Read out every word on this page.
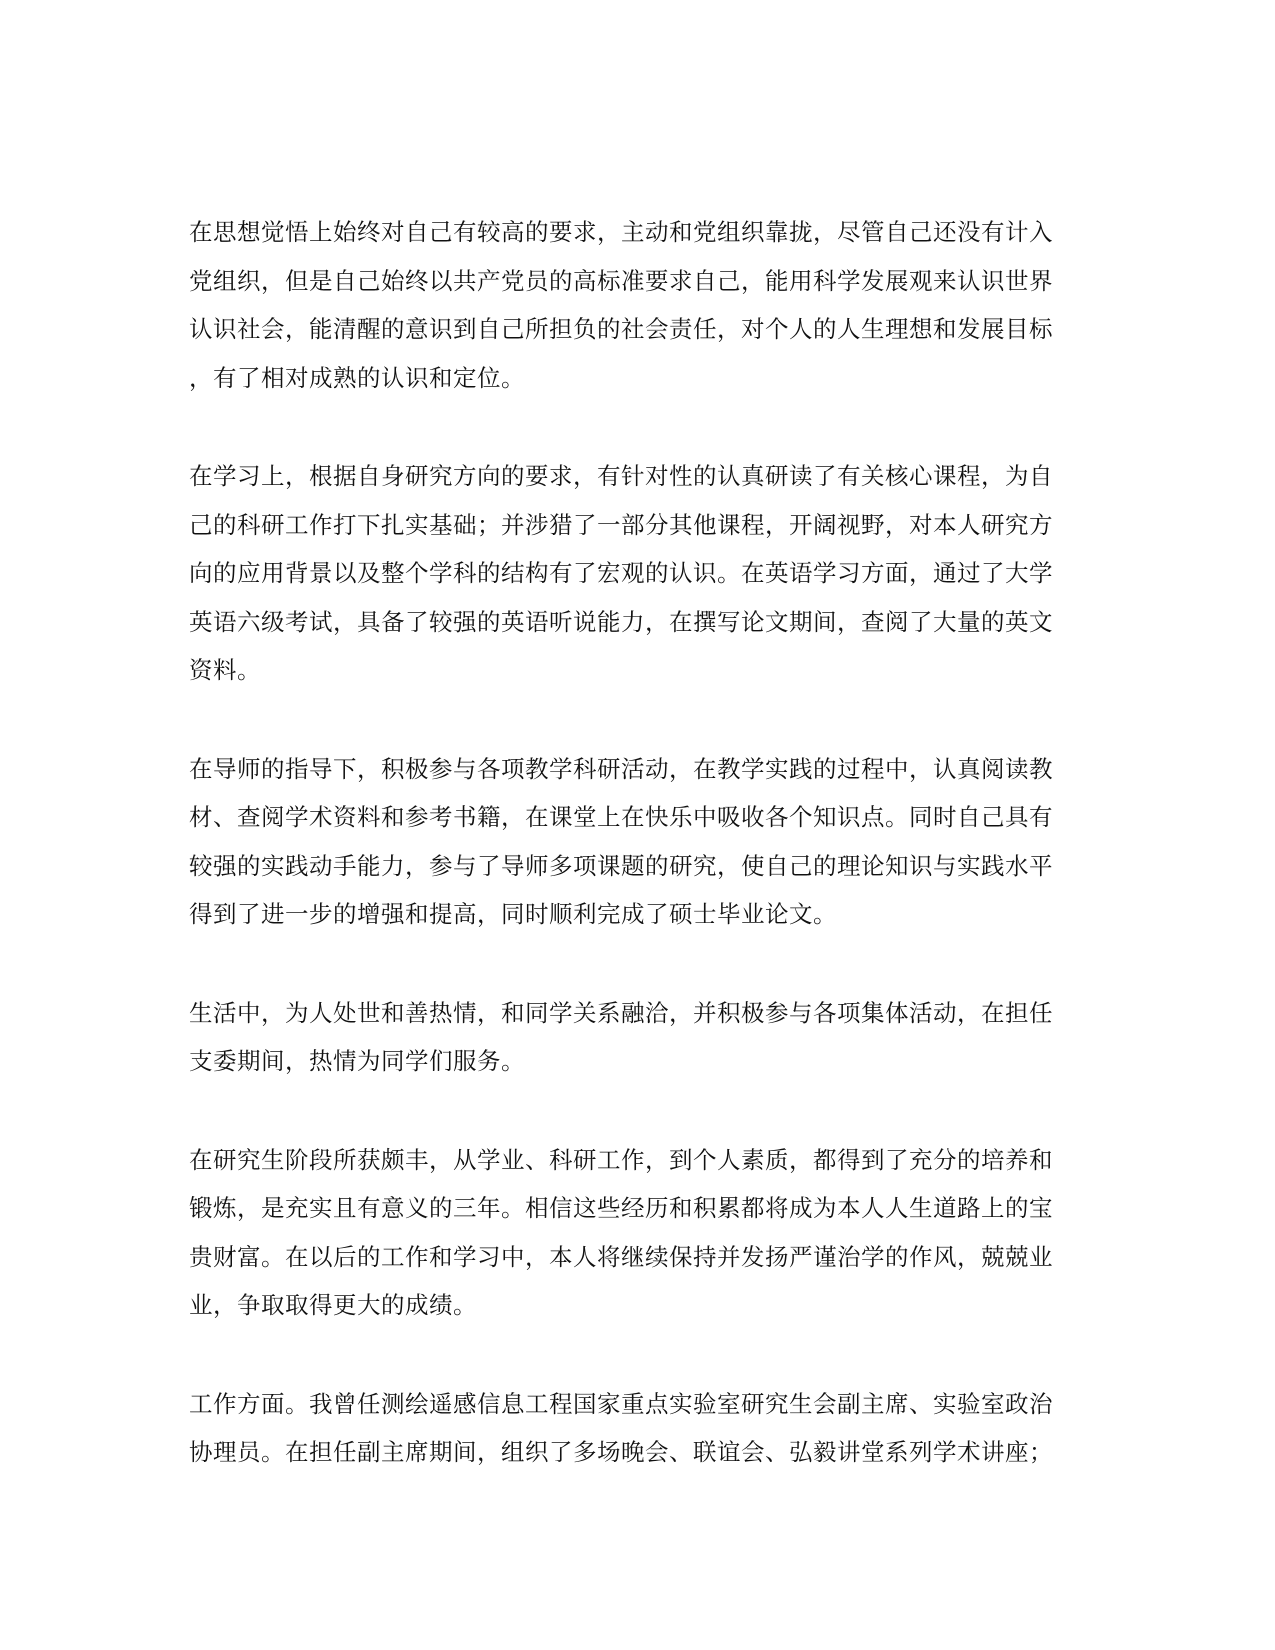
在思想觉悟上始终对自己有较高的要求，主动和党组织靠拢，尽管自己还没有计入
党组织，但是自己始终以共产党员的高标准要求自己，能用科学发展观来认识世界
认识社会，能清醒的意识到自己所担负的社会责任，对个人的人生理想和发展目标
，有了相对成熟的认识和定位。

在学习上，根据自身研究方向的要求，有针对性的认真研读了有关核心课程，为自
己的科研工作打下扎实基础；并涉猎了一部分其他课程，开阔视野，对本人研究方
向的应用背景以及整个学科的结构有了宏观的认识。在英语学习方面，通过了大学
英语六级考试，具备了较强的英语听说能力，在撰写论文期间，查阅了大量的英文
资料。

在导师的指导下，积极参与各项教学科研活动，在教学实践的过程中，认真阅读教
材、查阅学术资料和参考书籍，在课堂上在快乐中吸收各个知识点。同时自己具有
较强的实践动手能力，参与了导师多项课题的研究，使自己的理论知识与实践水平
得到了进一步的增强和提高，同时顺利完成了硕士毕业论文。

生活中，为人处世和善热情，和同学关系融洽，并积极参与各项集体活动，在担任
支委期间，热情为同学们服务。

在研究生阶段所获颇丰，从学业、科研工作，到个人素质，都得到了充分的培养和
锻炼，是充实且有意义的三年。相信这些经历和积累都将成为本人人生道路上的宝
贵财富。在以后的工作和学习中，本人将继续保持并发扬严谨治学的作风，兢兢业
业，争取取得更大的成绩。

工作方面。我曾任测绘遥感信息工程国家重点实验室研究生会副主席、实验室政治
协理员。在担任副主席期间，组织了多场晚会、联谊会、弘毅讲堂系列学术讲座；
